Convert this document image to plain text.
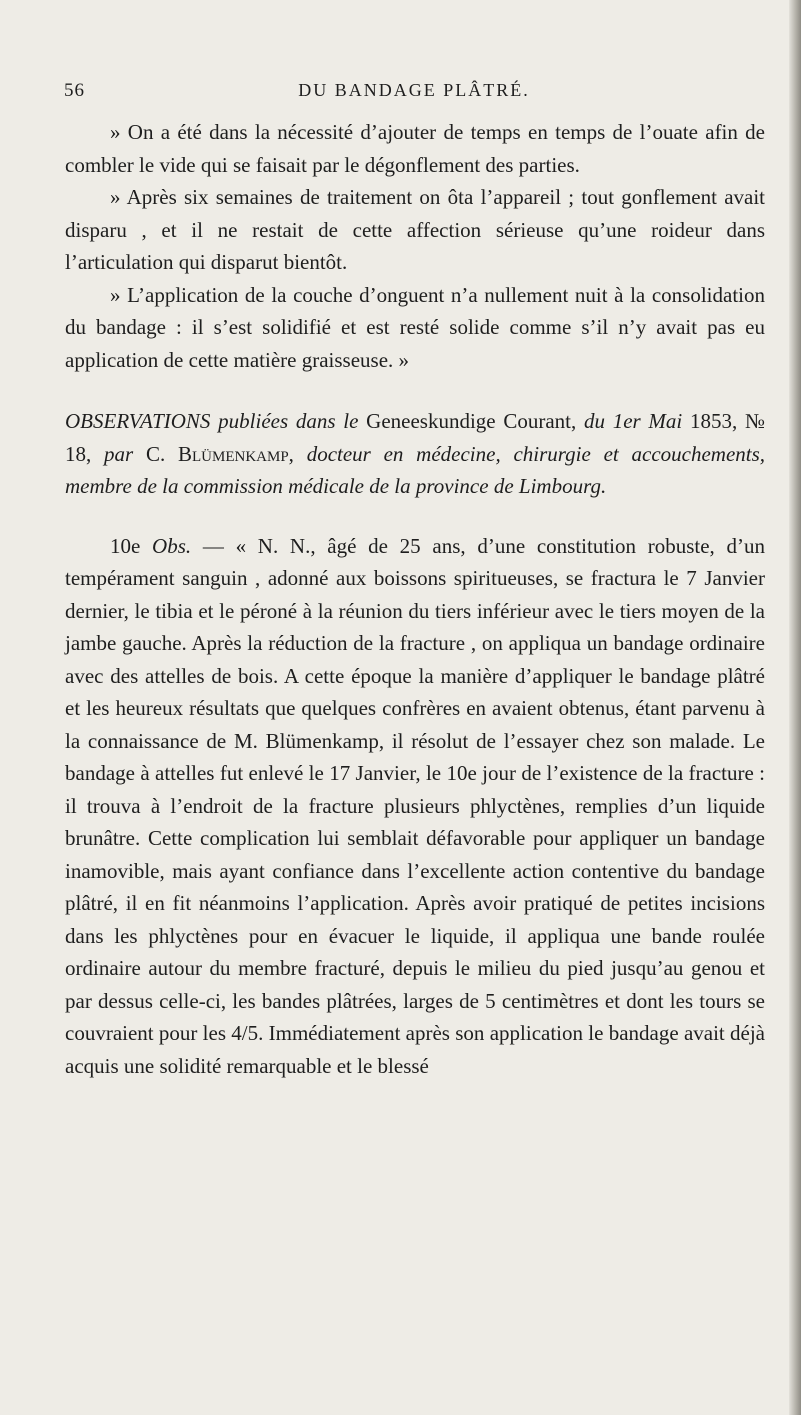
56	DU BANDAGE PLÂTRÉ.

» On a été dans la nécessité d’ajouter de temps en temps de l’ouate afin de combler le vide qui se faisait par le dégonflement des parties.

» Après six semaines de traitement on ôta l’appareil ; tout gonflement avait disparu , et il ne restait de cette affection sérieuse qu’une roideur dans l’articulation qui disparut bientôt.

» L’application de la couche d’onguent n’a nullement nuit à la consolidation du bandage : il s’est solidifié et est resté solide comme s’il n’y avait pas eu application de cette matière graisseuse. »

OBSERVATIONS publiées dans le Geneeskundige Courant, du 1er Mai 1853, № 18, par C. Blümenkamp, docteur en médecine, chirurgie et accouchements, membre de la commission médicale de la province de Limbourg.

10e Obs. — « N. N., âgé de 25 ans, d’une constitution robuste, d’un tempérament sanguin , adonné aux boissons spiritueuses, se fractura le 7 Janvier dernier, le tibia et le péroné à la réunion du tiers inférieur avec le tiers moyen de la jambe gauche. Après la réduction de la fracture , on appliqua un bandage ordinaire avec des attelles de bois. A cette époque la manière d’appliquer le bandage plâtré et les heureux résultats que quelques confrères en avaient obtenus, étant parvenu à la connaissance de M. Blümenkamp, il résolut de l’essayer chez son malade. Le bandage à attelles fut enlevé le 17 Janvier, le 10e jour de l’existence de la fracture : il trouva à l’endroit de la fracture plusieurs phlyctènes, remplies d’un liquide brunâtre. Cette complication lui semblait défavorable pour appliquer un bandage inamovible, mais ayant confiance dans l’excellente action contentive du bandage plâtré, il en fit néanmoins l’application. Après avoir pratiqué de petites incisions dans les phlyctènes pour en évacuer le liquide, il appliqua une bande roulée ordinaire autour du membre fracturé, depuis le milieu du pied jusqu’au genou et par dessus celle-ci, les bandes plâtrées, larges de 5 centimètres et dont les tours se couvraient pour les 4/5. Immédiatement après son application le bandage avait déjà acquis une solidité remarquable et le blessé
